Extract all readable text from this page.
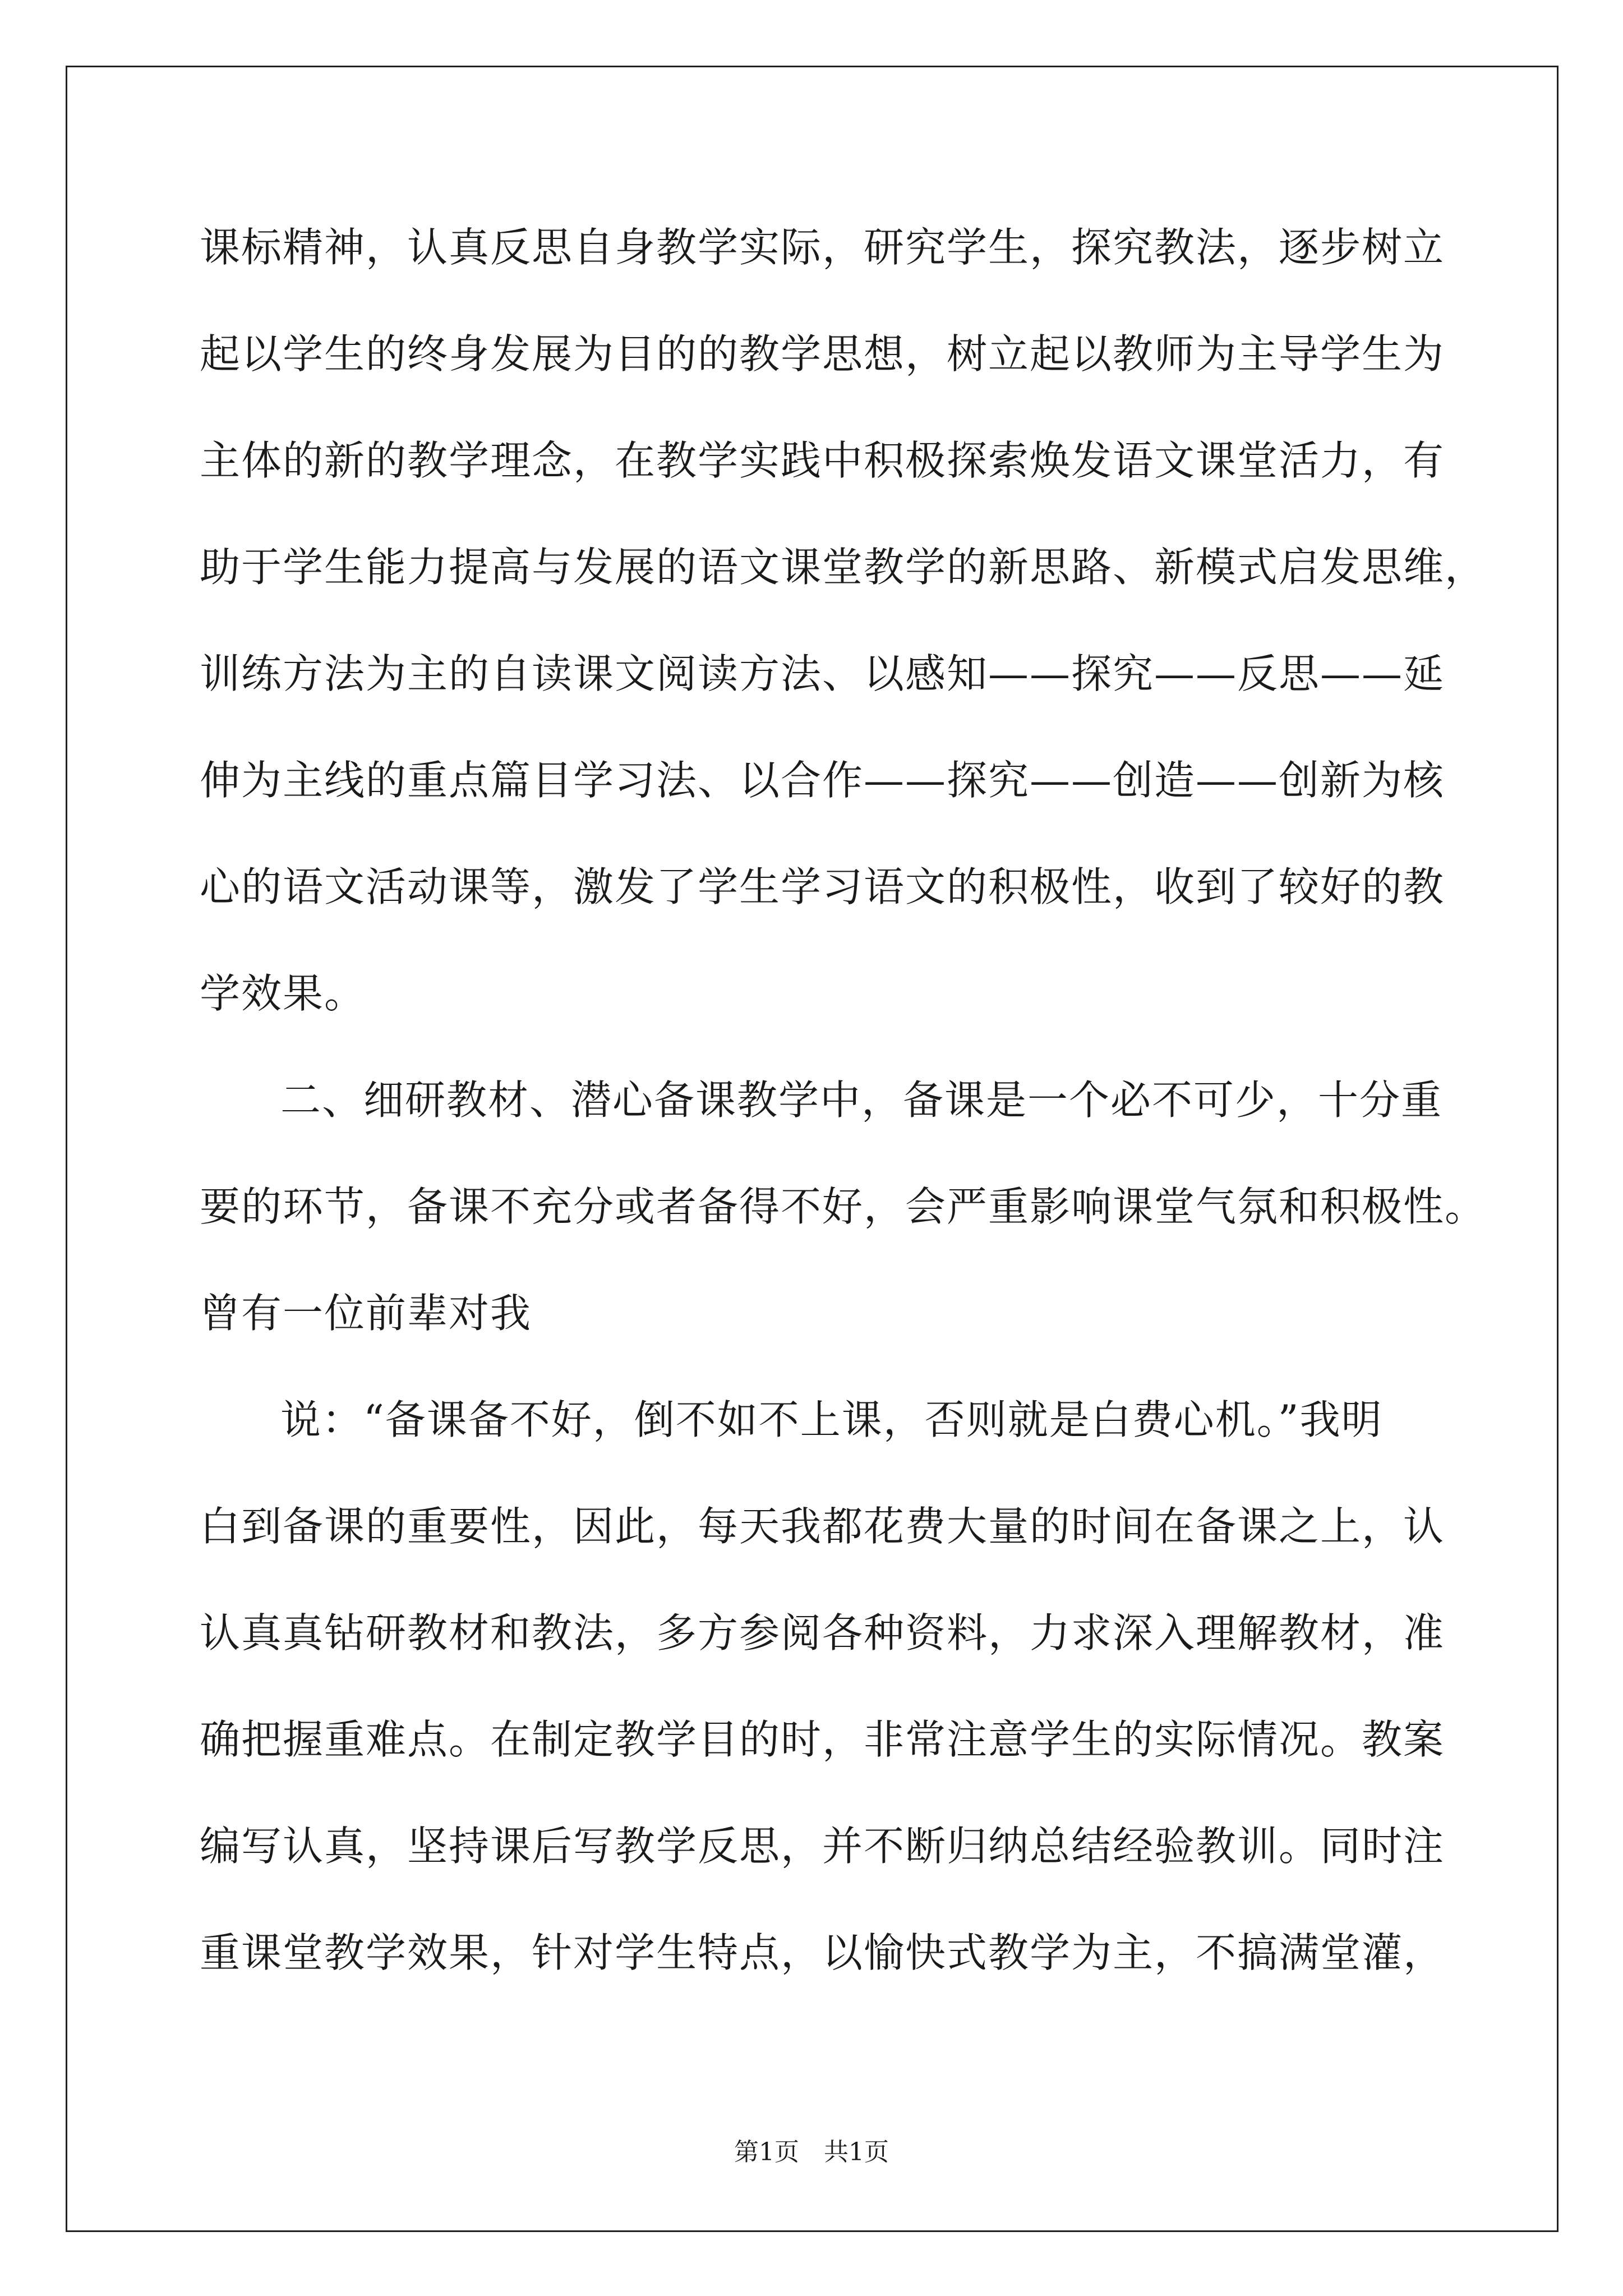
课标精神，认真反思自身教学实际，研究学生，探究教法，逐步树立
起以学生的终身发展为目的的教学思想，树立起以教师为主导学生为
主体的新的教学理念，在教学实践中积极探索焕发语文课堂活力，有
助于学生能力提高与发展的语文课堂教学的新思路、新模式启发思维，
训练方法为主的自读课文阅读方法、以感知——探究——反思——延
伸为主线的重点篇目学习法、以合作——探究——创造——创新为核
心的语文活动课等，激发了学生学习语文的积极性，收到了较好的教
学效果。
二、细研教材、潜心备课教学中，备课是一个必不可少，十分重
要的环节，备课不充分或者备得不好，会严重影响课堂气氛和积极性。
曾有一位前辈对我
说：“备课备不好，倒不如不上课，否则就是白费心机。”我明
白到备课的重要性，因此，每天我都花费大量的时间在备课之上，认
认真真钻研教材和教法，多方参阅各种资料，力求深入理解教材，准
确把握重难点。在制定教学目的时，非常注意学生的实际情况。教案
编写认真，坚持课后写教学反思，并不断归纳总结经验教训。同时注
重课堂教学效果，针对学生特点，以愉快式教学为主，不搞满堂灌，
第1页　共1页
